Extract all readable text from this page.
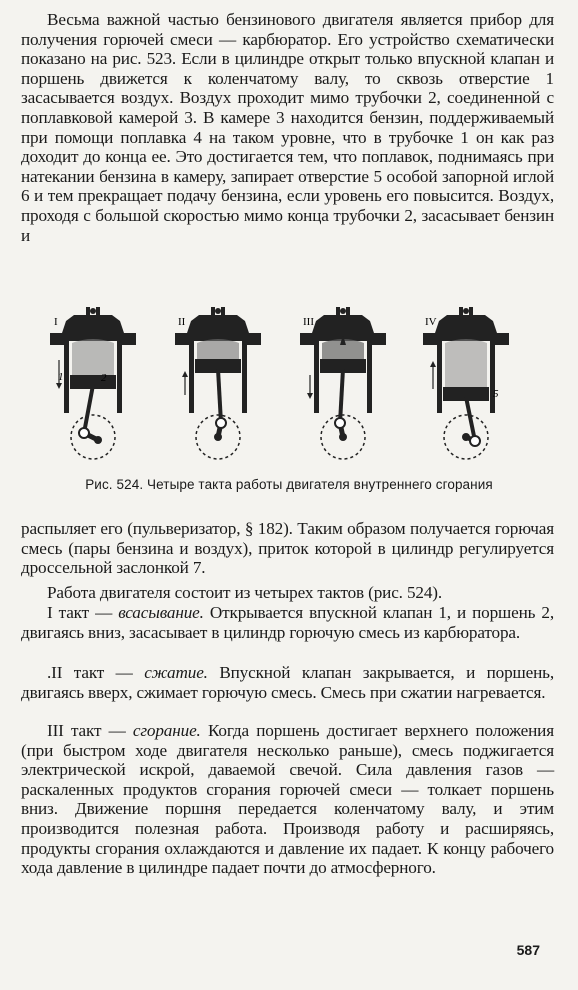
Весьма важной частью бензинового двигателя является прибор для получения горючей смеси — карбюратор. Его устройство схематически показано на рис. 523. Если в цилиндре открыт только впускной клапан и поршень движется к коленчатому валу, то сквозь отверстие 1 засасывается воздух. Воздух проходит мимо трубочки 2, соединенной с поплавковой камерой 3. В камере 3 находится бензин, поддерживаемый при помощи поплавка 4 на таком уровне, что в трубочке 1 он как раз доходит до конца ее. Это достигается тем, что поплавок, поднимаясь при натекании бензина в камеру, запирает отверстие 5 особой запорной иглой 6 и тем прекращает подачу бензина, если уровень его повысится. Воздух, проходя с большой скоростью мимо конца трубочки 2, засасывает бензин и

I
1	2
II	III	IV
5
Рис. 524. Четыре такта работы двигателя внутреннего сгорания

распыляет его (пульверизатор, § 182). Таким образом получается горючая смесь (пары бензина и воздух), приток которой в цилиндр регулируется дроссельной заслонкой 7.

Работа двигателя состоит из четырех тактов (рис. 524).

I такт — всасывание. Открывается впускной клапан 1, и поршень 2, двигаясь вниз, засасывает в цилиндр горючую смесь из карбюратора.

.II такт — сжатие. Впускной клапан закрывается, и поршень, двигаясь вверх, сжимает горючую смесь. Смесь при сжатии нагревается.

III такт — сгорание. Когда поршень достигает верхнего положения (при быстром ходе двигателя несколько раньше), смесь поджигается электрической искрой, даваемой свечой. Сила давления газов — раскаленных продуктов сгорания горючей смеси — толкает поршень вниз. Движение поршня передается коленчатому валу, и этим производится полезная работа. Производя работу и расширяясь, продукты сгорания охлаждаются и давление их падает. К концу рабочего хода давление в цилиндре падает почти до атмосферного.

587
